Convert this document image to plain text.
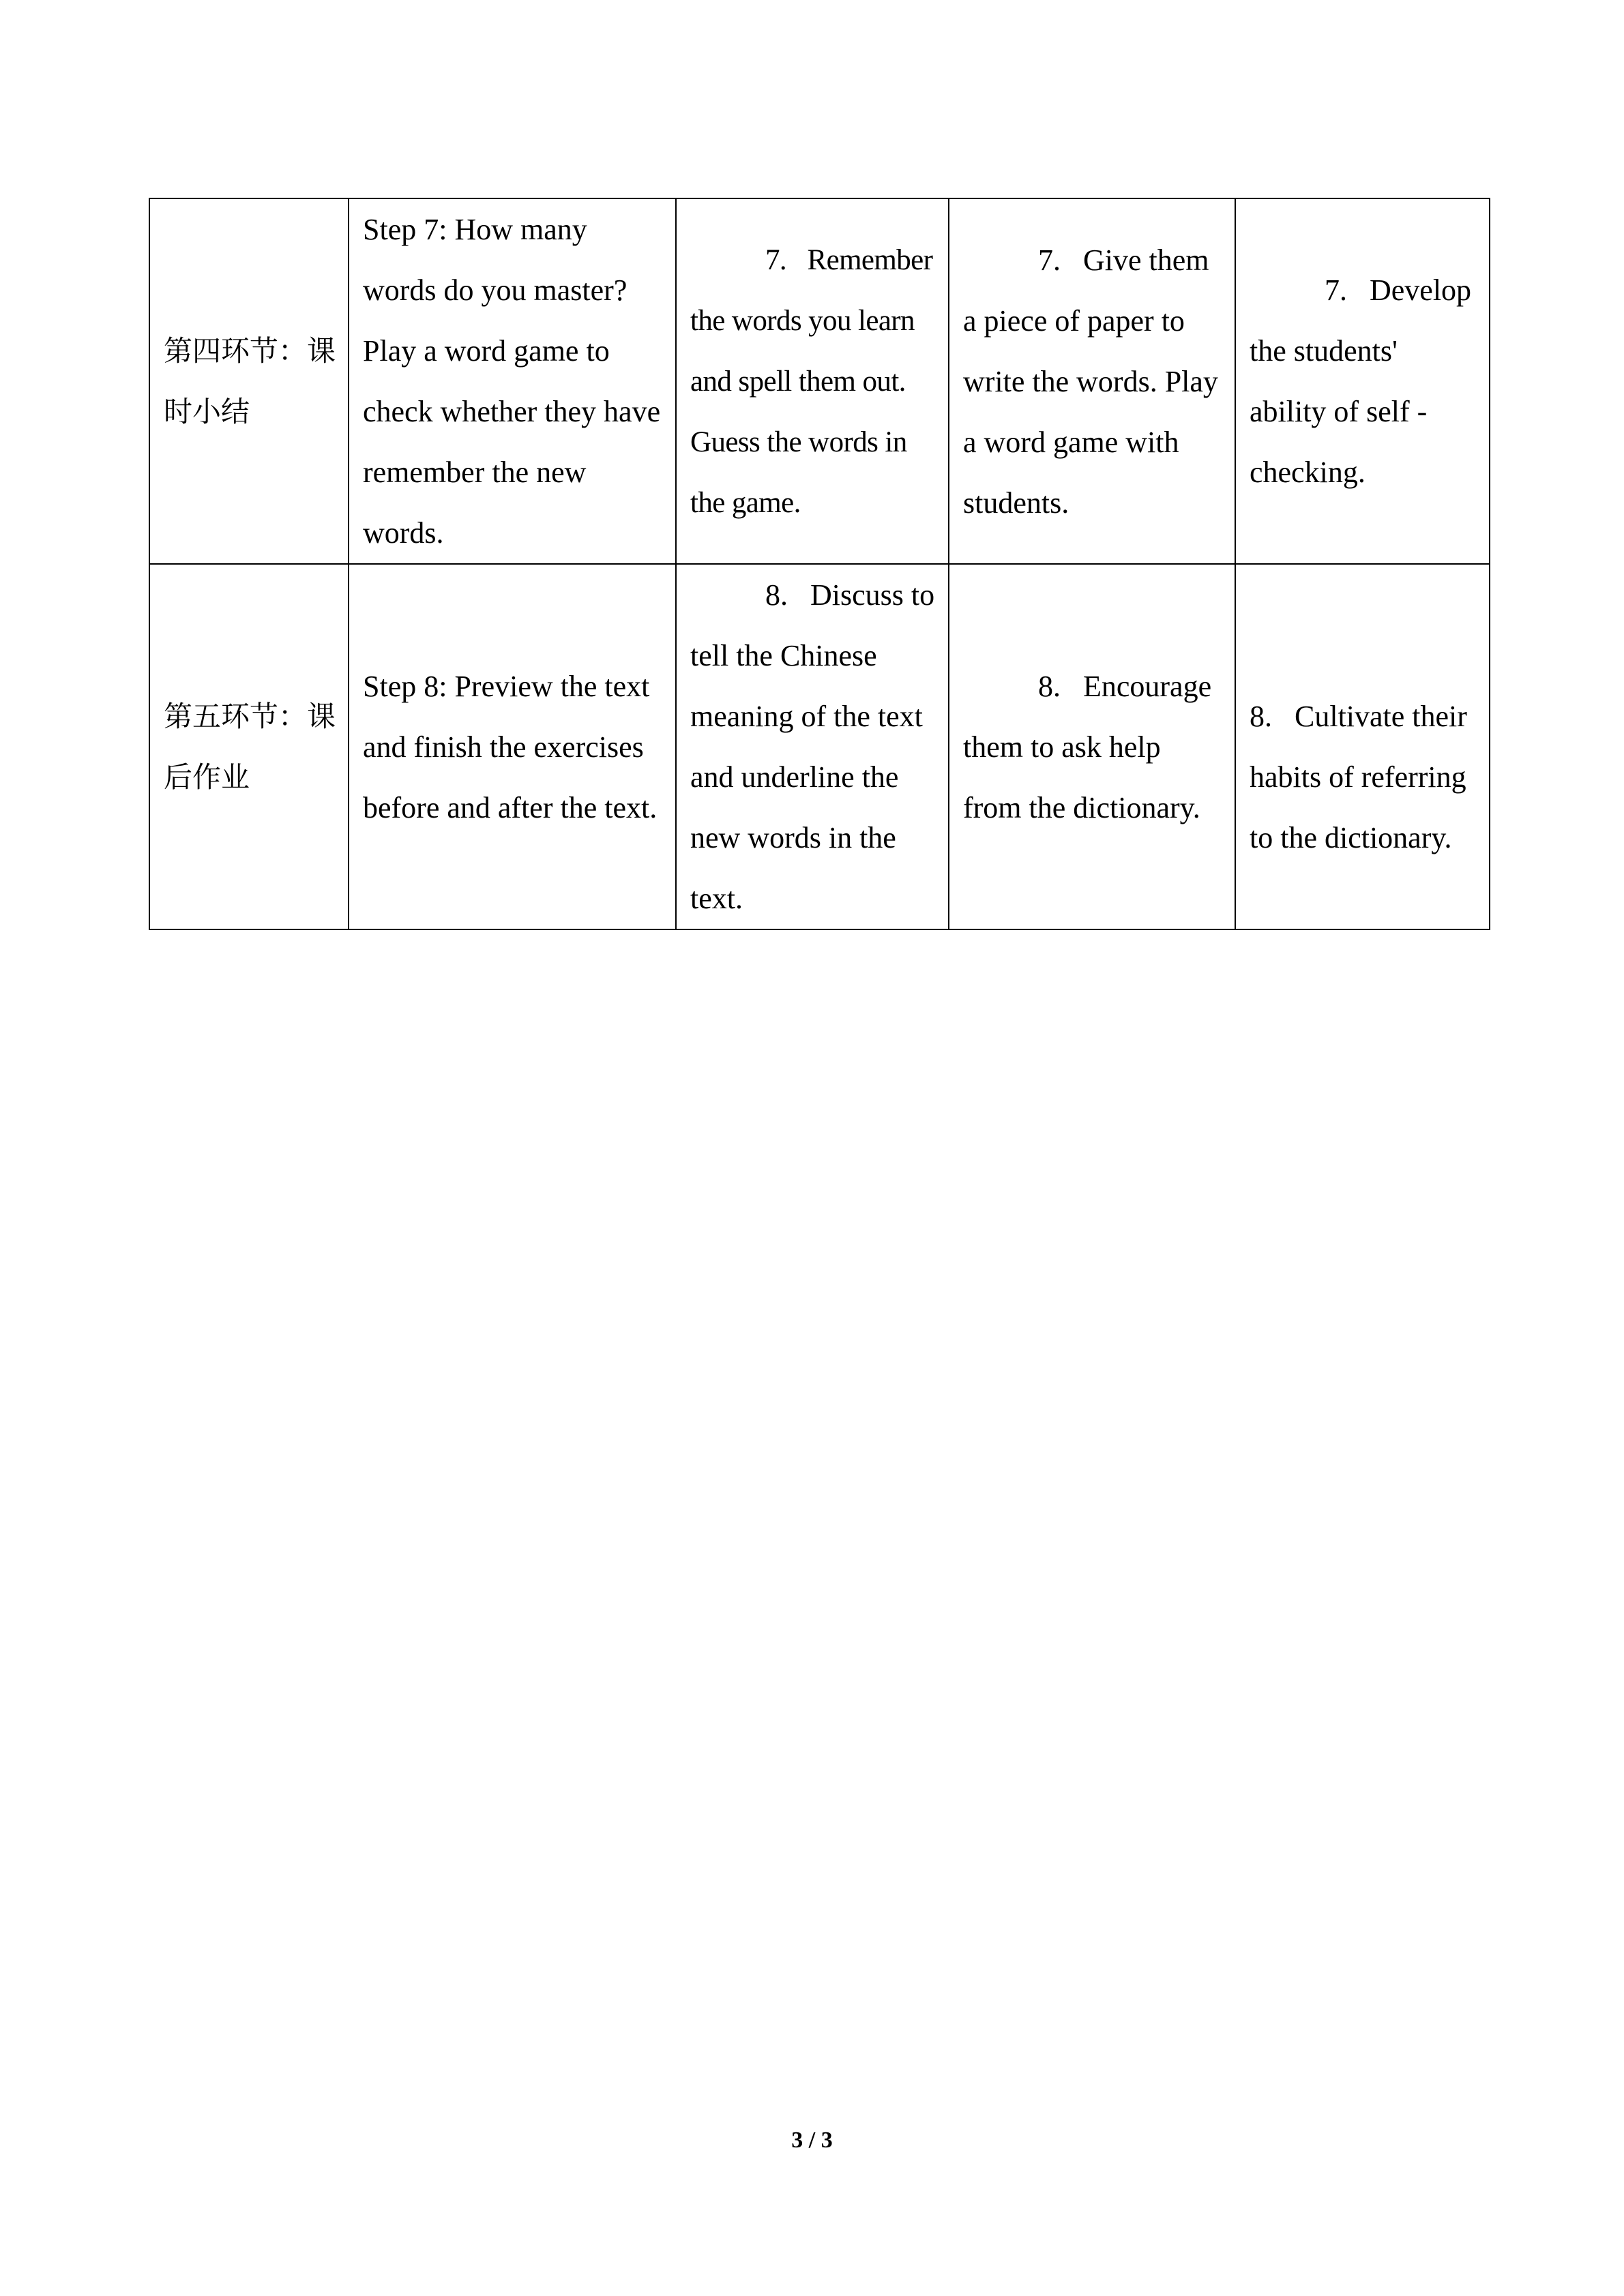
第四环节：课时小结	Step 7: How many words do you master? Play a word game to check whether they have remember the new words.	7. Remember the words you learn and spell them out. Guess the words in the game.	7. Give them a piece of paper to write the words. Play a word game with students.	7. Develop the students' ability of self - checking.
第五环节：课后作业	Step 8: Preview the text and finish the exercises before and after the text.	8. Discuss to tell the Chinese meaning of the text and underline the new words in the text.	8. Encourage them to ask help from the dictionary.	8. Cultivate their habits of referring to the dictionary.
3 / 3
